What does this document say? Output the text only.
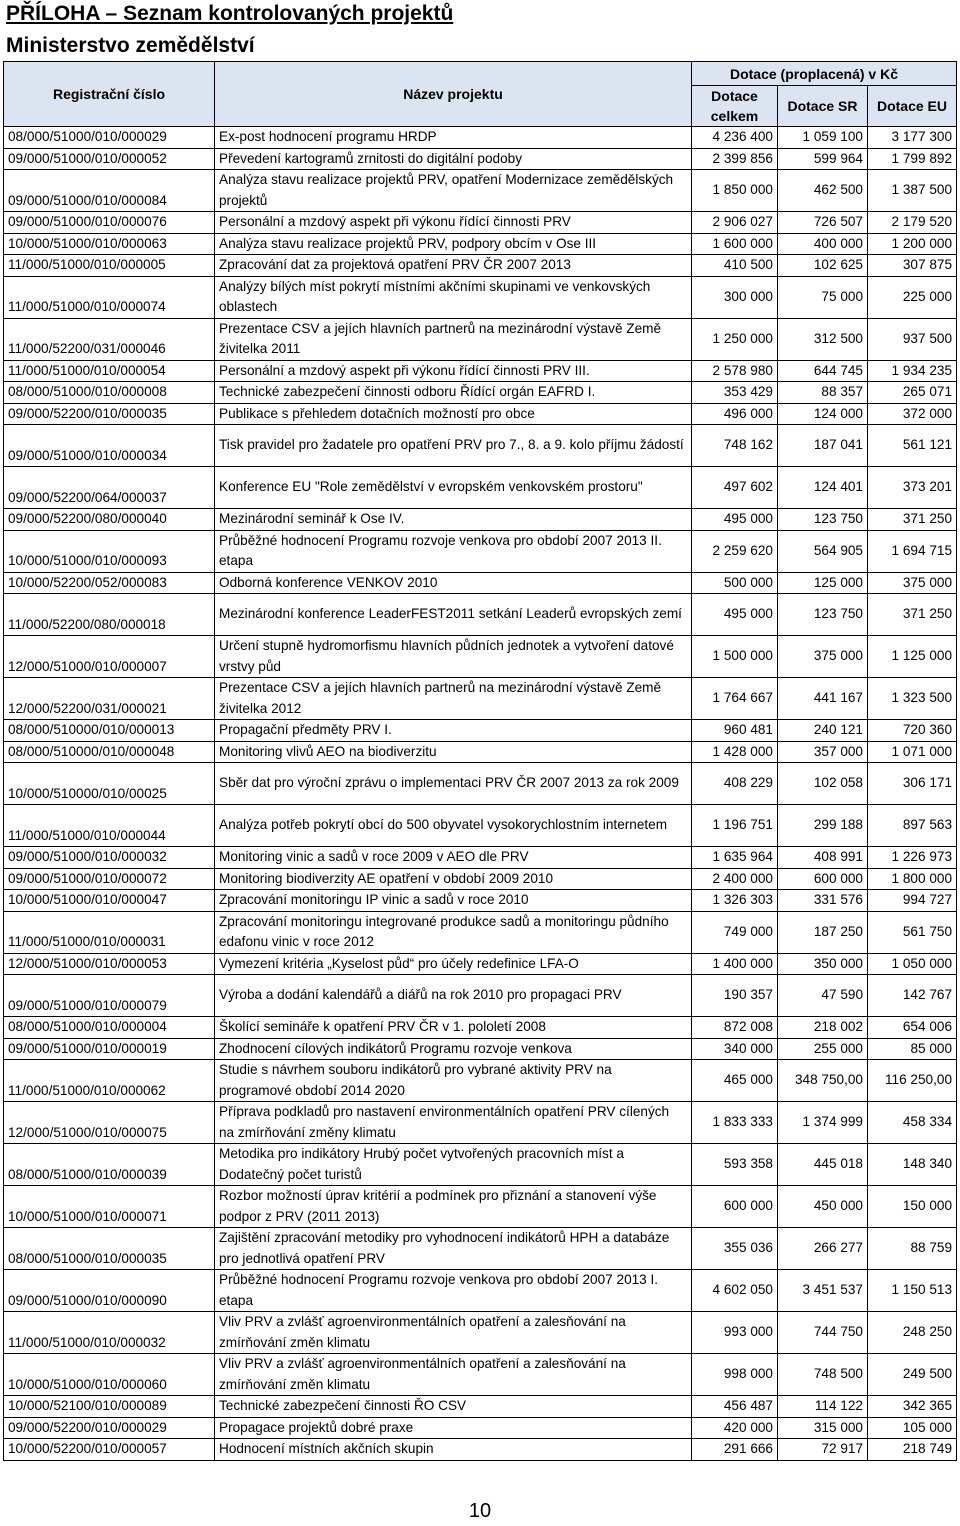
PŘÍLOHA – Seznam kontrolovaných projektů
Ministerstvo zemědělství
Registrační číslo	Název projektu	Dotace (proplacená) v Kč		
		Dotace celkem	Dotace SR	Dotace EU
08/000/51000/010/000029	Ex-post hodnocení programu HRDP	4 236 400	1 059 100	3 177 300
09/000/51000/010/000052	Převedení kartogramů zrnitosti do digitální podoby	2 399 856	599 964	1 799 892
09/000/51000/010/000084	Analýza stavu realizace projektů PRV, opatření Modernizace zemědělských projektů	1 850 000	462 500	1 387 500
09/000/51000/010/000076	Personální a mzdový aspekt při výkonu řídící činnosti PRV	2 906 027	726 507	2 179 520
10/000/51000/010/000063	Analýza stavu realizace projektů PRV, podpory obcím v Ose III	1 600 000	400 000	1 200 000
11/000/51000/010/000005	Zpracování dat za projektová opatření PRV ČR 2007 2013	410 500	102 625	307 875
11/000/51000/010/000074	Analýzy bílých míst pokrytí místními akčními skupinami ve venkovských oblastech	300 000	75 000	225 000
11/000/52200/031/000046	Prezentace CSV a jejích hlavních partnerů na mezinárodní výstavě Země živitelka 2011	1 250 000	312 500	937 500
11/000/51000/010/000054	Personální a mzdový aspekt při výkonu řídící činnosti PRV III.	2 578 980	644 745	1 934 235
08/000/51000/010/000008	Technické zabezpečení činnosti odboru Řídící orgán EAFRD I.	353 429	88 357	265 071
09/000/52200/010/000035	Publikace s přehledem dotačních možností pro obce	496 000	124 000	372 000
09/000/51000/010/000034	Tisk pravidel pro žadatele pro opatření PRV pro 7., 8. a 9. kolo příjmu žádostí	748 162	187 041	561 121
09/000/52200/064/000037	Konference EU "Role zemědělství v evropském venkovském prostoru"	497 602	124 401	373 201
09/000/52200/080/000040	Mezinárodní seminář k Ose IV.	495 000	123 750	371 250
10/000/51000/010/000093	Průběžné hodnocení Programu rozvoje venkova pro období 2007 2013 II. etapa	2 259 620	564 905	1 694 715
10/000/52200/052/000083	Odborná konference VENKOV 2010	500 000	125 000	375 000
11/000/52200/080/000018	Mezinárodní konference LeaderFEST2011 setkání Leaderů evropských zemí	495 000	123 750	371 250
12/000/51000/010/000007	Určení stupně hydromorfismu hlavních půdních jednotek a vytvoření datové vrstvy půd	1 500 000	375 000	1 125 000
12/000/52200/031/000021	Prezentace CSV a jejích hlavních partnerů na mezinárodní výstavě Země živitelka 2012	1 764 667	441 167	1 323 500
08/000/510000/010/000013	Propagační předměty PRV I.	960 481	240 121	720 360
08/000/510000/010/000048	Monitoring vlivů AEO na biodiverzitu	1 428 000	357 000	1 071 000
10/000/510000/010/00025	Sběr dat pro výroční zprávu o implementaci PRV ČR 2007 2013 za rok 2009	408 229	102 058	306 171
11/000/51000/010/000044	Analýza potřeb pokrytí obcí do 500 obyvatel vysokorychlostním internetem	1 196 751	299 188	897 563
09/000/51000/010/000032	Monitoring vinic a sadů v roce 2009 v AEO dle PRV	1 635 964	408 991	1 226 973
09/000/51000/010/000072	Monitoring biodiverzity AE opatření v období 2009 2010	2 400 000	600 000	1 800 000
10/000/51000/010/000047	Zpracování monitoringu IP vinic a sadů v roce 2010	1 326 303	331 576	994 727
11/000/51000/010/000031	Zpracování monitoringu integrované produkce sadů a monitoringu půdního edafonu vinic v roce 2012	749 000	187 250	561 750
12/000/51000/010/000053	Vymezení kritéria „Kyselost půd“ pro účely redefinice LFA-O	1 400 000	350 000	1 050 000
09/000/51000/010/000079	Výroba a dodání kalendářů a diářů na rok 2010 pro propagaci PRV	190 357	47 590	142 767
08/000/51000/010/000004	Školící semináře k opatření PRV ČR v 1. pololetí 2008	872 008	218 002	654 006
09/000/51000/010/000019	Zhodnocení cílových indikátorů Programu rozvoje venkova	340 000	255 000	85 000
11/000/51000/010/000062	Studie s návrhem souboru indikátorů pro vybrané aktivity PRV na programové období 2014 2020	465 000	348 750,00	116 250,00
12/000/51000/010/000075	Příprava podkladů pro nastavení environmentálních opatření PRV cílených na zmírňování změny klimatu	1 833 333	1 374 999	458 334
08/000/51000/010/000039	Metodika pro indikátory Hrubý počet vytvořených pracovních míst a Dodatečný počet turistů	593 358	445 018	148 340
10/000/51000/010/000071	Rozbor možností úprav kritérií a podmínek pro přiznání a stanovení výše podpor z PRV (2011 2013)	600 000	450 000	150 000
08/000/51000/010/000035	Zajištění zpracování metodiky pro vyhodnocení indikátorů HPH a databáze pro jednotlivá opatření PRV	355 036	266 277	88 759
09/000/51000/010/000090	Průběžné hodnocení Programu rozvoje venkova pro období 2007 2013 I. etapa	4 602 050	3 451 537	1 150 513
11/000/51000/010/000032	Vliv PRV a zvlášť agroenvironmentálních opatření a zalesňování na zmírňování změn klimatu	993 000	744 750	248 250
10/000/51000/010/000060	Vliv PRV a zvlášť agroenvironmentálních opatření a zalesňování na zmírňování změn klimatu	998 000	748 500	249 500
10/000/52100/010/000089	Technické zabezpečení činnosti ŘO CSV	456 487	114 122	342 365
09/000/52200/010/000029	Propagace projektů dobré praxe	420 000	315 000	105 000
10/000/52200/010/000057	Hodnocení místních akčních skupin	291 666	72 917	218 749
10
